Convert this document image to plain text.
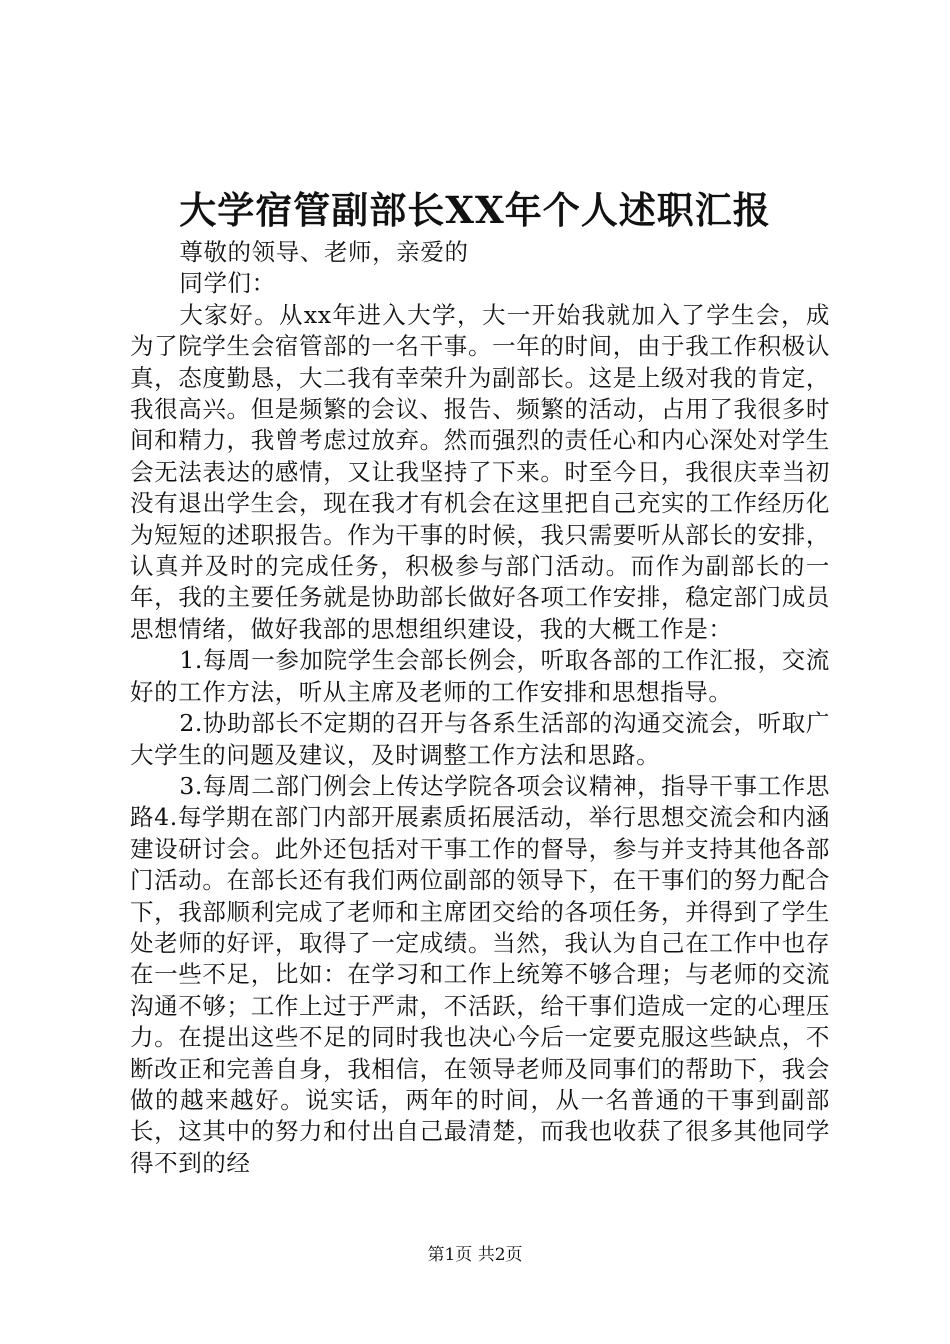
大学宿管副部长XX年个人述职汇报

尊敬的领导、老师，亲爱的

同学们：

大家好。从xx年进入大学，大一开始我就加入了学生会，成为了院学生会宿管部的一名干事。一年的时间，由于我工作积极认真，态度勤恳，大二我有幸荣升为副部长。这是上级对我的肯定，我很高兴。但是频繁的会议、报告、频繁的活动，占用了我很多时间和精力，我曾考虑过放弃。然而强烈的责任心和内心深处对学生会无法表达的感情，又让我坚持了下来。时至今日，我很庆幸当初没有退出学生会，现在我才有机会在这里把自己充实的工作经历化为短短的述职报告。作为干事的时候，我只需要听从部长的安排，认真并及时的完成任务，积极参与部门活动。而作为副部长的一年，我的主要任务就是协助部长做好各项工作安排，稳定部门成员思想情绪，做好我部的思想组织建设，我的大概工作是：

1.每周一参加院学生会部长例会，听取各部的工作汇报，交流好的工作方法，听从主席及老师的工作安排和思想指导。

2.协助部长不定期的召开与各系生活部的沟通交流会，听取广大学生的问题及建议，及时调整工作方法和思路。

3.每周二部门例会上传达学院各项会议精神，指导干事工作思路4.每学期在部门内部开展素质拓展活动，举行思想交流会和内涵建设研讨会。此外还包括对干事工作的督导，参与并支持其他各部门活动。在部长还有我们两位副部的领导下，在干事们的努力配合下，我部顺利完成了老师和主席团交给的各项任务，并得到了学生处老师的好评，取得了一定成绩。当然，我认为自己在工作中也存在一些不足，比如：在学习和工作上统筹不够合理；与老师的交流沟通不够；工作上过于严肃，不活跃，给干事们造成一定的心理压力。在提出这些不足的同时我也决心今后一定要克服这些缺点，不断改正和完善自身，我相信，在领导老师及同事们的帮助下，我会做的越来越好。说实话，两年的时间，从一名普通的干事到副部长，这其中的努力和付出自己最清楚，而我也收获了很多其他同学得不到的经

第1页 共2页
